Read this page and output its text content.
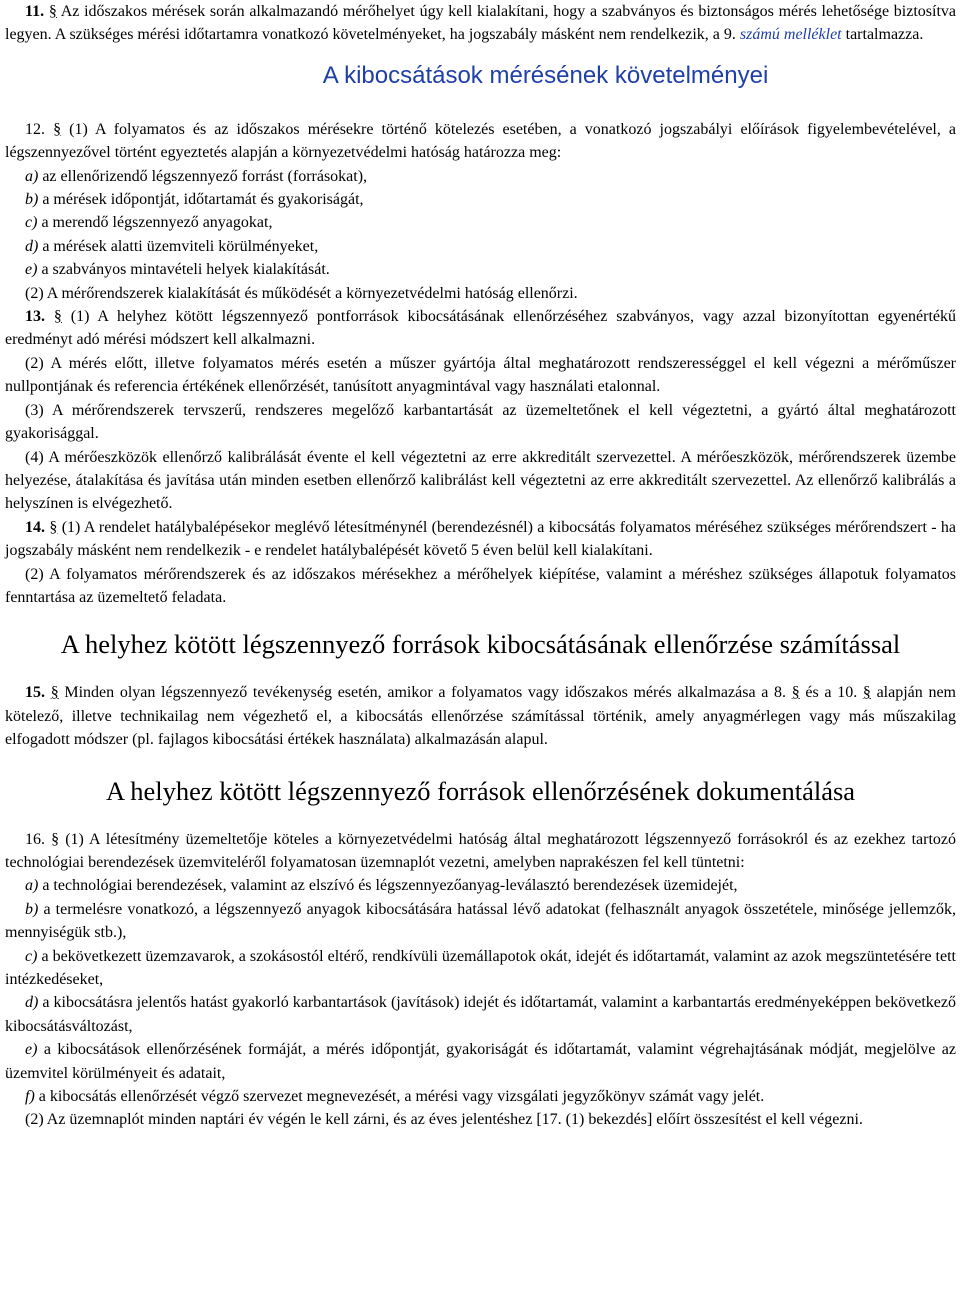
11. § Az időszakos mérések során alkalmazandó mérőhelyet úgy kell kialakítani, hogy a szabványos és biztonságos mérés lehetősége biztosítva legyen. A szükséges mérési időtartamra vonatkozó követelményeket, ha jogszabály másként nem rendelkezik, a 9. számú melléklet tartalmazza.

A kibocsátások mérésének követelményei

12. § (1) A folyamatos és az időszakos mérésekre történő kötelezés esetében, a vonatkozó jogszabályi előírások figyelembevételével, a légszennyezővel történt egyeztetés alapján a környezetvédelmi hatóság határozza meg:

a) az ellenőrizendő légszennyező forrást (forrásokat),

b) a mérések időpontját, időtartamát és gyakoriságát,

c) a merendő légszennyező anyagokat,

d) a mérések alatti üzemviteli körülményeket,

e) a szabványos mintavételi helyek kialakítását.

(2) A mérőrendszerek kialakítását és működését a környezetvédelmi hatóság ellenőrzi.

13. § (1) A helyhez kötött légszennyező pontforrások kibocsátásának ellenőrzéséhez szabványos, vagy azzal bizonyítottan egyenértékű eredményt adó mérési módszert kell alkalmazni.

(2) A mérés előtt, illetve folyamatos mérés esetén a műszer gyártója által meghatározott rendszerességgel el kell végezni a mérőműszer nullpontjának és referencia értékének ellenőrzését, tanúsított anyagmintával vagy használati etalonnal.

(3) A mérőrendszerek tervszerű, rendszeres megelőző karbantartását az üzemeltetőnek el kell végeztetni, a gyártó által meghatározott gyakorisággal.

(4) A mérőeszközök ellenőrző kalibrálását évente el kell végeztetni az erre akkreditált szervezettel. A mérőeszközök, mérőrendszerek üzembe helyezése, átalakítása és javítása után minden esetben ellenőrző kalibrálást kell végeztetni az erre akkreditált szervezettel. Az ellenőrző kalibrálás a helyszínen is elvégezhető.

14. § (1) A rendelet hatálybalépésekor meglévő létesítménynél (berendezésnél) a kibocsátás folyamatos méréséhez szükséges mérőrendszert - ha jogszabály másként nem rendelkezik - e rendelet hatálybalépését követő 5 éven belül kell kialakítani.

(2) A folyamatos mérőrendszerek és az időszakos mérésekhez a mérőhelyek kiépítése, valamint a méréshez szükséges állapotuk folyamatos fenntartása az üzemeltető feladata.

A helyhez kötött légszennyező források kibocsátásának ellenőrzése számítással

15. § Minden olyan légszennyező tevékenység esetén, amikor a folyamatos vagy időszakos mérés alkalmazása a 8. § és a 10. § alapján nem kötelező, illetve technikailag nem végezhető el, a kibocsátás ellenőrzése számítással történik, amely anyagmérlegen vagy más műszakilag elfogadott módszer (pl. fajlagos kibocsátási értékek használata) alkalmazásán alapul.

A helyhez kötött légszennyező források ellenőrzésének dokumentálása

16. § (1) A létesítmény üzemeltetője köteles a környezetvédelmi hatóság által meghatározott légszennyező forrásokról és az ezekhez tartozó technológiai berendezések üzemviteléről folyamatosan üzemnaplót vezetni, amelyben naprakészen fel kell tüntetni:

a) a technológiai berendezések, valamint az elszívó és légszennyezőanyag-leválasztó berendezések üzemidejét,

b) a termelésre vonatkozó, a légszennyező anyagok kibocsátására hatással lévő adatokat (felhasznált anyagok összetétele, minősége jellemzők, mennyiségük stb.),

c) a bekövetkezett üzemzavarok, a szokásostól eltérő, rendkívüli üzemállapotok okát, idejét és időtartamát, valamint az azok megszüntetésére tett intézkedéseket,

d) a kibocsátásra jelentős hatást gyakorló karbantartások (javítások) idejét és időtartamát, valamint a karbantartás eredményeképpen bekövetkező kibocsátásváltozást,

e) a kibocsátások ellenőrzésének formáját, a mérés időpontját, gyakoriságát és időtartamát, valamint végrehajtásának módját, megjelölve az üzemvitel körülményeit és adatait,

f) a kibocsátás ellenőrzését végző szervezet megnevezését, a mérési vagy vizsgálati jegyzőkönyv számát vagy jelét.

(2) Az üzemnaplót minden naptári év végén le kell zárni, és az éves jelentéshez [17. (1) bekezdés] előírt összesítést el kell végezni.
